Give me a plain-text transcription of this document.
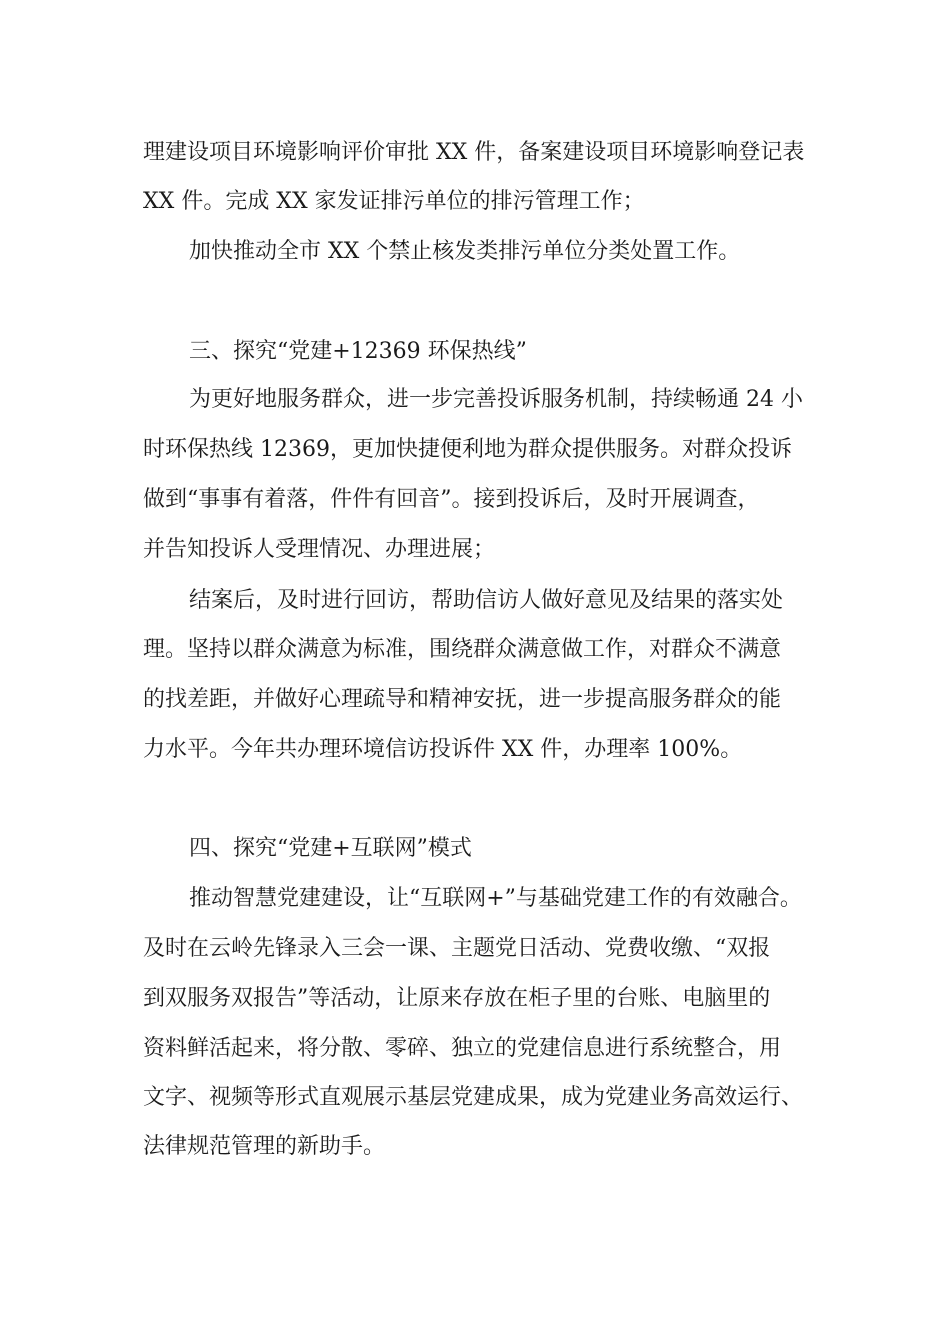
理建设项目环境影响评价审批 XX 件，备案建设项目环境影响登记表

XX 件。完成 XX 家发证排污单位的排污管理工作；

加快推动全市 XX 个禁止核发类排污单位分类处置工作。

三、探究“党建+12369 环保热线”

为更好地服务群众，进一步完善投诉服务机制，持续畅通 24 小

时环保热线 12369，更加快捷便利地为群众提供服务。对群众投诉

做到“事事有着落，件件有回音”。接到投诉后，及时开展调查，

并告知投诉人受理情况、办理进展；

结案后，及时进行回访，帮助信访人做好意见及结果的落实处

理。坚持以群众满意为标准，围绕群众满意做工作，对群众不满意

的找差距，并做好心理疏导和精神安抚，进一步提高服务群众的能

力水平。今年共办理环境信访投诉件 XX 件，办理率 100%。

四、探究“党建+互联网”模式

推动智慧党建建设，让“互联网+”与基础党建工作的有效融合。

及时在云岭先锋录入三会一课、主题党日活动、党费收缴、“双报

到双服务双报告”等活动，让原来存放在柜子里的台账、电脑里的

资料鲜活起来，将分散、零碎、独立的党建信息进行系统整合，用

文字、视频等形式直观展示基层党建成果，成为党建业务高效运行、

法律规范管理的新助手。
